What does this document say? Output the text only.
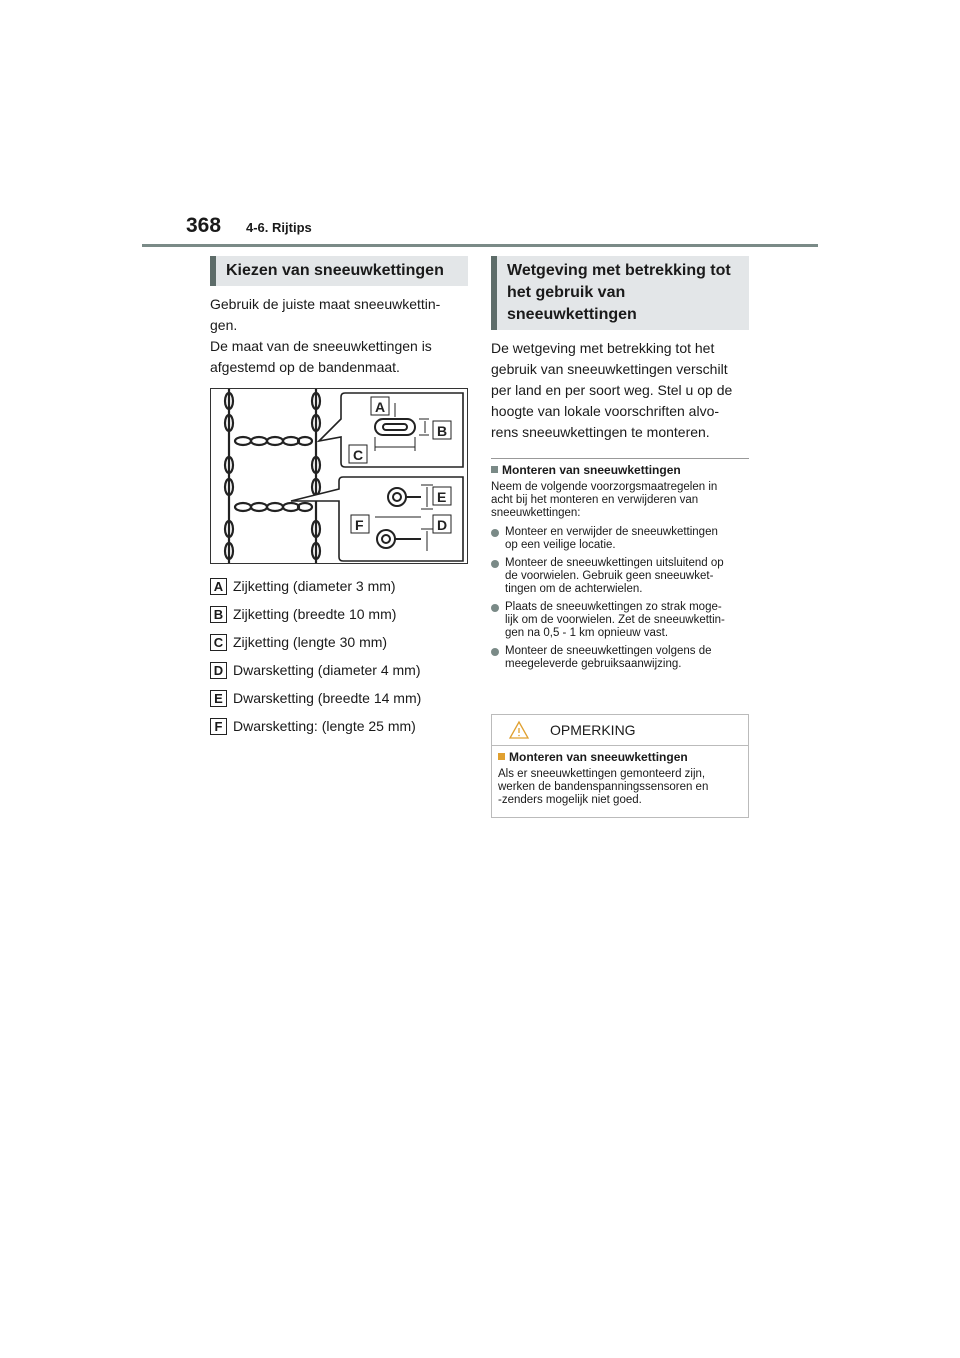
368 4-6. Rijtips
Kiezen van sneeuwkettingen
Gebruik de juiste maat sneeuwkettin-
gen.
De maat van de sneeuwkettingen is
afgestemd op de bandenmaat.
A
B
C
E
F	D
A Zijketting (diameter 3 mm)
B Zijketting (breedte 10 mm)
C Zijketting (lengte 30 mm)
D Dwarsketting (diameter 4 mm)
E Dwarsketting (breedte 14 mm)
F Dwarsketting: (lengte 25 mm)
Wetgeving met betrekking tot
het gebruik van
sneeuwkettingen
De wetgeving met betrekking tot het
gebruik van sneeuwkettingen verschilt
per land en per soort weg. Stel u op de
hoogte van lokale voorschriften alvo-
rens sneeuwkettingen te monteren.
Monteren van sneeuwkettingen
Neem de volgende voorzorgsmaatregelen in
acht bij het monteren en verwijderen van
sneeuwkettingen:
Monteer en verwijder de sneeuwkettingen
op een veilige locatie.
Monteer de sneeuwkettingen uitsluitend op
de voorwielen. Gebruik geen sneeuwket-
tingen om de achterwielen.
Plaats de sneeuwkettingen zo strak moge-
lijk om de voorwielen. Zet de sneeuwkettin-
gen na 0,5 - 1 km opnieuw vast.
Monteer de sneeuwkettingen volgens de
meegeleverde gebruiksaanwijzing.
OPMERKING
Monteren van sneeuwkettingen
Als er sneeuwkettingen gemonteerd zijn,
werken de bandenspanningssensoren en
-zenders mogelijk niet goed.
